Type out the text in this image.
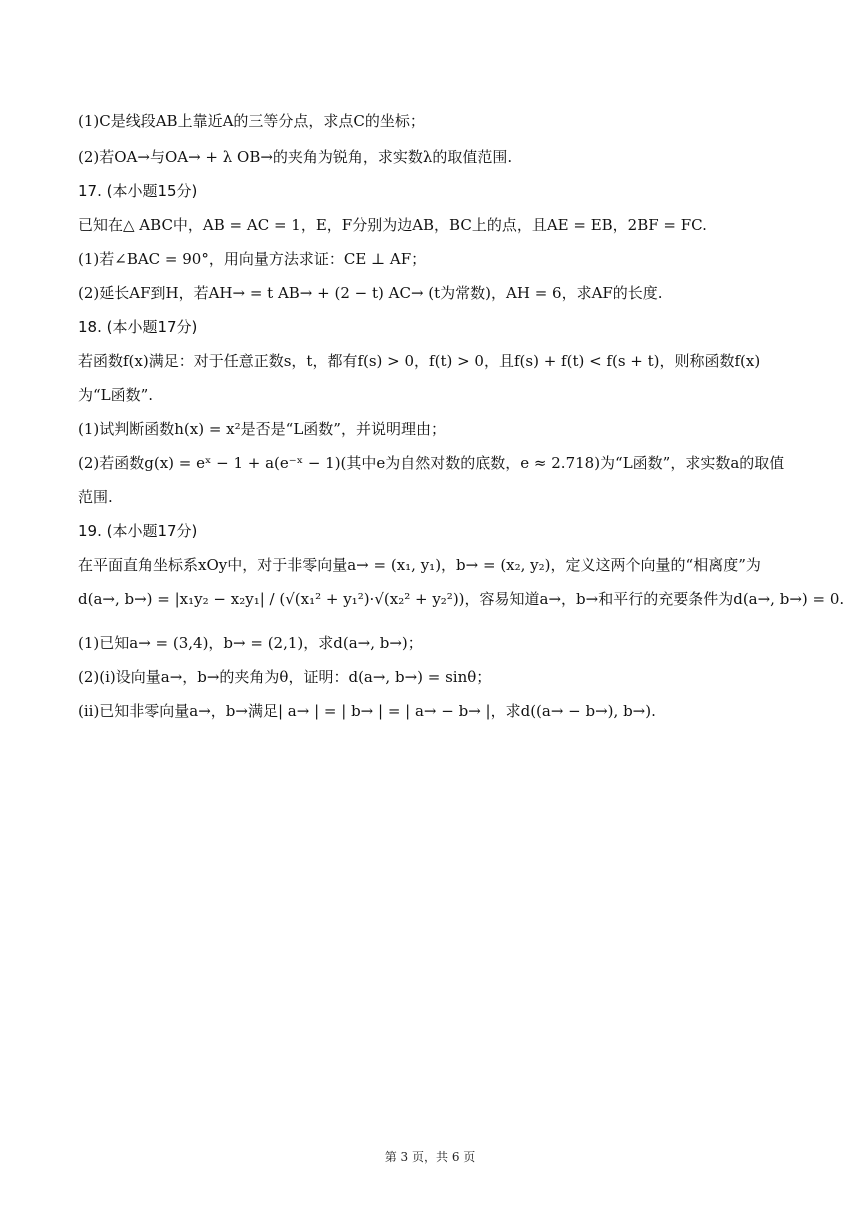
(1)C是线段AB上靠近A的三等分点，求点C的坐标；
(2)若OA→与OA→ + λ OB→的夹角为锐角，求实数λ的取值范围.
17. (本小题15分)
已知在△ ABC中，AB = AC = 1，E，F分别为边AB，BC上的点，且AE = EB，2BF = FC.
(1)若∠BAC = 90°，用向量方法求证：CE ⊥ AF；
(2)延长AF到H，若AH→ = t AB→ + (2 − t) AC→ (t为常数)，AH = 6，求AF的长度.
18. (本小题17分)
若函数f(x)满足：对于任意正数s，t，都有f(s) > 0，f(t) > 0，且f(s) + f(t) < f(s + t)，则称函数f(x)
为“L函数”.
(1)试判断函数h(x) = x²是否是“L函数”，并说明理由；
(2)若函数g(x) = eˣ − 1 + a(e⁻ˣ − 1)(其中e为自然对数的底数，e ≈ 2.718)为“L函数”，求实数a的取值
范围.
19. (本小题17分)
在平面直角坐标系xOy中，对于非零向量a→ = (x₁, y₁)，b→ = (x₂, y₂)，定义这两个向量的“相离度”为
d(a→, b→) = |x₁y₂ − x₂y₁| / (√(x₁² + y₁²)·√(x₂² + y₂²))，容易知道a→，b→和平行的充要条件为d(a→, b→) = 0.
(1)已知a→ = (3,4)，b→ = (2,1)，求d(a→, b→)；
(2)(i)设向量a→，b→的夹角为θ，证明：d(a→, b→) = sinθ；
(ii)已知非零向量a→，b→满足| a→ | = | b→ | = | a→ − b→ |，求d((a→ − b→), b→).
第 3 页，共 6 页
